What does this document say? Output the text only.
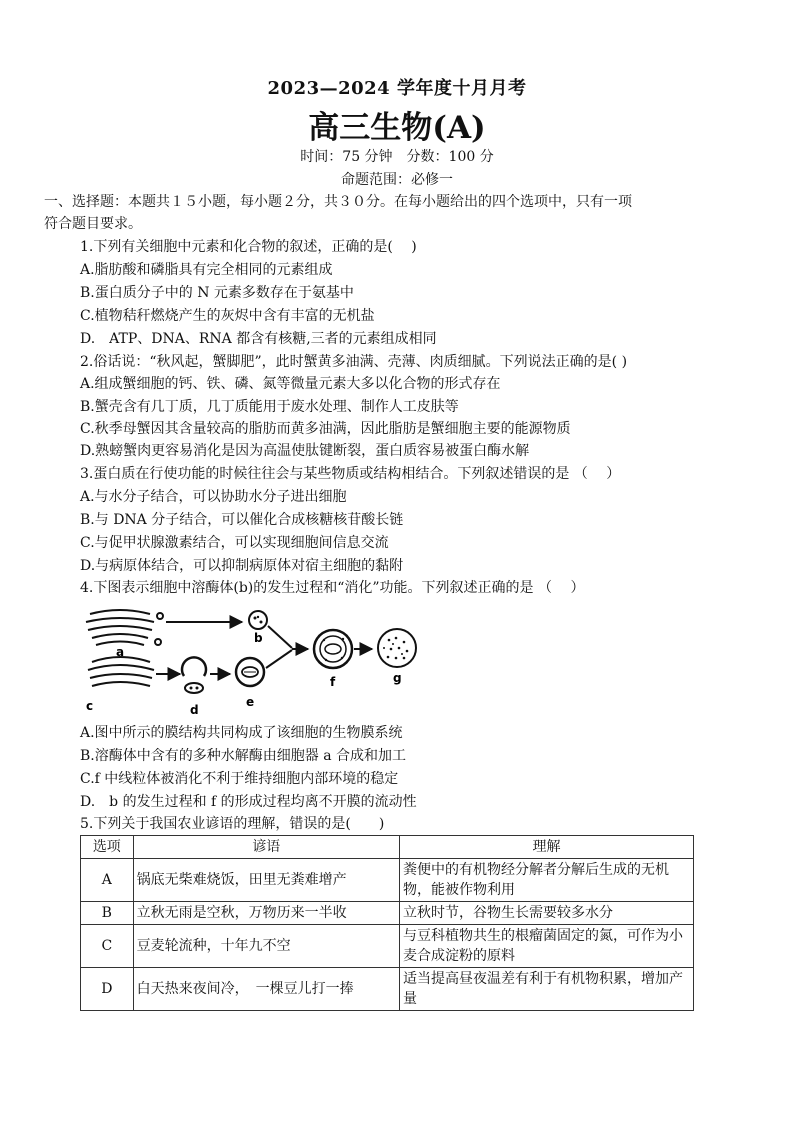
2023—2024 学年度十月月考
高三生物(A)
时间：75 分钟　分数：100 分
命题范围：必修一
一、选择题：本题共１５小题，每小题２分，共３０分。在每小题给出的四个选项中，只有一项
符合题目要求。
1.下列有关细胞中元素和化合物的叙述，正确的是(　 )
A.脂肪酸和磷脂具有完全相同的元素组成
B.蛋白质分子中的 N 元素多数存在于氨基中
C.植物秸秆燃烧产生的灰烬中含有丰富的无机盐
D.　ATP、DNA、RNA 都含有核糖,三者的元素组成相同
2.俗话说：“秋风起，蟹脚肥”，此时蟹黄多油满、壳薄、肉质细腻。下列说法正确的是( )
A.组成蟹细胞的钙、铁、磷、氮等微量元素大多以化合物的形式存在
B.蟹壳含有几丁质，几丁质能用于废水处理、制作人工皮肤等
C.秋季母蟹因其含量较高的脂肪而黄多油满，因此脂肪是蟹细胞主要的能源物质
D.熟螃蟹肉更容易消化是因为高温使肽键断裂，蛋白质容易被蛋白酶水解
3.蛋白质在行使功能的时候往往会与某些物质或结构相结合。下列叙述错误的是 （　 ）
A.与水分子结合，可以协助水分子进出细胞
B.与 DNA 分子结合，可以催化合成核糖核苷酸长链
C.与促甲状腺激素结合，可以实现细胞间信息交流
D.与病原体结合，可以抑制病原体对宿主细胞的黏附
4.下图表示细胞中溶酶体(b)的发生过程和“消化”功能。下列叙述正确的是 （　 ）
a
b
c	d
e
f	g
A.图中所示的膜结构共同构成了该细胞的生物膜系统
B.溶酶体中含有的多种水解酶由细胞器 a 合成和加工
C.f 中线粒体被消化不利于维持细胞内部环境的稳定
D.　b 的发生过程和 f 的形成过程均离不开膜的流动性
5.下列关于我国农业谚语的理解，错误的是(　　)
选项	谚语	理解
A	锅底无柴难烧饭，田里无粪难增产	粪便中的有机物经分解者分解后生成的无机物，能被作物利用
B	立秋无雨是空秋，万物历来一半收	立秋时节，谷物生长需要较多水分
C	豆麦轮流种，十年九不空	与豆科植物共生的根瘤菌固定的氮，可作为小麦合成淀粉的原料
D	白天热来夜间冷，　一棵豆儿打一捧	适当提高昼夜温差有利于有机物积累，增加产量
